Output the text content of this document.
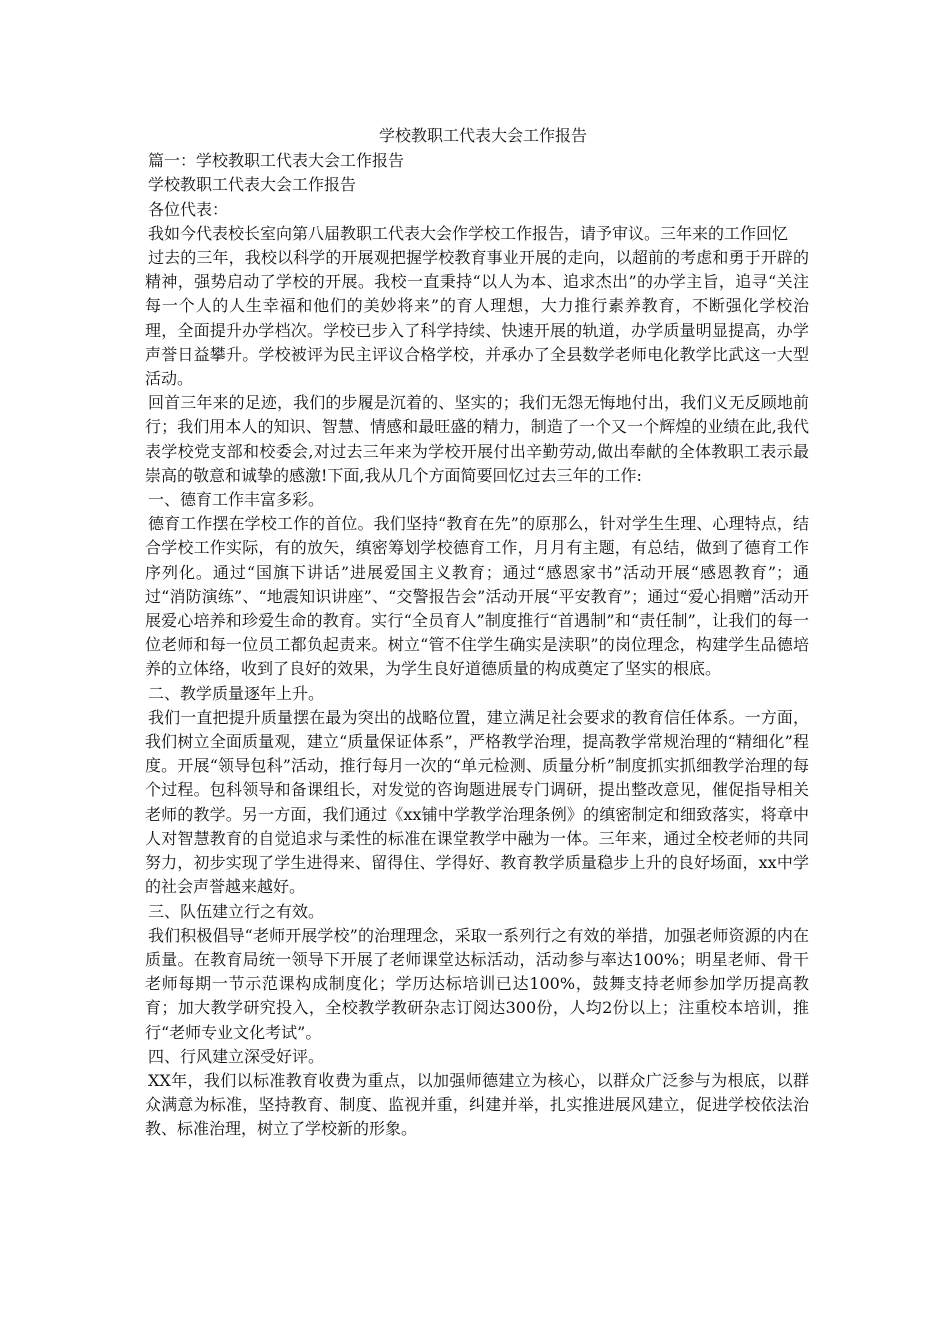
学校教职工代表大会工作报告

篇一：学校教职工代表大会工作报告

学校教职工代表大会工作报告

各位代表：

我如今代表校长室向第八届教职工代表大会作学校工作报告，请予审议。三年来的工作回忆

过去的三年，我校以科学的开展观把握学校教育事业开展的走向，以超前的考虑和勇于开辟的精神，强势启动了学校的开展。我校一直秉持“以人为本、追求杰出”的办学主旨，追寻“关注每一个人的人生幸福和他们的美妙将来”的育人理想，大力推行素养教育，不断强化学校治理，全面提升办学档次。学校已步入了科学持续、快速开展的轨道，办学质量明显提高，办学声誉日益攀升。学校被评为民主评议合格学校，并承办了全县数学老师电化教学比武这一大型活动。

回首三年来的足迹，我们的步履是沉着的、坚实的；我们无怨无悔地付出，我们义无反顾地前行；我们用本人的知识、智慧、情感和最旺盛的精力，制造了一个又一个辉煌的业绩在此,我代表学校党支部和校委会,对过去三年来为学校开展付出辛勤劳动,做出奉献的全体教职工表示最崇高的敬意和诚挚的感激!下面,我从几个方面简要回忆过去三年的工作:

一、德育工作丰富多彩。

德育工作摆在学校工作的首位。我们坚持“教育在先”的原那么，针对学生生理、心理特点，结合学校工作实际，有的放矢，缜密筹划学校德育工作，月月有主题，有总结，做到了德育工作序列化。通过“国旗下讲话”进展爱国主义教育；通过“感恩家书”活动开展“感恩教育”；通过“消防演练”、“地震知识讲座”、“交警报告会”活动开展“平安教育”；通过“爱心捐赠”活动开展爱心培养和珍爱生命的教育。实行“全员育人”制度推行“首遇制”和“责任制”，让我们的每一位老师和每一位员工都负起责来。树立“管不住学生确实是渎职”的岗位理念，构建学生品德培养的立体络，收到了良好的效果，为学生良好道德质量的构成奠定了坚实的根底。

二、教学质量逐年上升。

我们一直把提升质量摆在最为突出的战略位置，建立满足社会要求的教育信任体系。一方面，我们树立全面质量观，建立“质量保证体系”，严格教学治理，提高教学常规治理的“精细化”程度。开展“领导包科”活动，推行每月一次的“单元检测、质量分析”制度抓实抓细教学治理的每个过程。包科领导和备课组长，对发觉的咨询题进展专门调研，提出整改意见，催促指导相关老师的教学。另一方面，我们通过《xx铺中学教学治理条例》的缜密制定和细致落实，将章中人对智慧教育的自觉追求与柔性的标准在课堂教学中融为一体。三年来，通过全校老师的共同努力，初步实现了学生进得来、留得住、学得好、教育教学质量稳步上升的良好场面，xx中学的社会声誉越来越好。

三、队伍建立行之有效。

我们积极倡导“老师开展学校”的治理理念，采取一系列行之有效的举措，加强老师资源的内在质量。在教育局统一领导下开展了老师课堂达标活动，活动参与率达100%；明星老师、骨干老师每期一节示范课构成制度化；学历达标培训已达100%，鼓舞支持老师参加学历提高教育；加大教学研究投入，全校教学教研杂志订阅达300份，人均2份以上；注重校本培训，推行“老师专业文化考试”。

四、行风建立深受好评。

XX年，我们以标准教育收费为重点，以加强师德建立为核心，以群众广泛参与为根底，以群众满意为标准，坚持教育、制度、监视并重，纠建并举，扎实推进展风建立，促进学校依法治教、标准治理，树立了学校新的形象。
